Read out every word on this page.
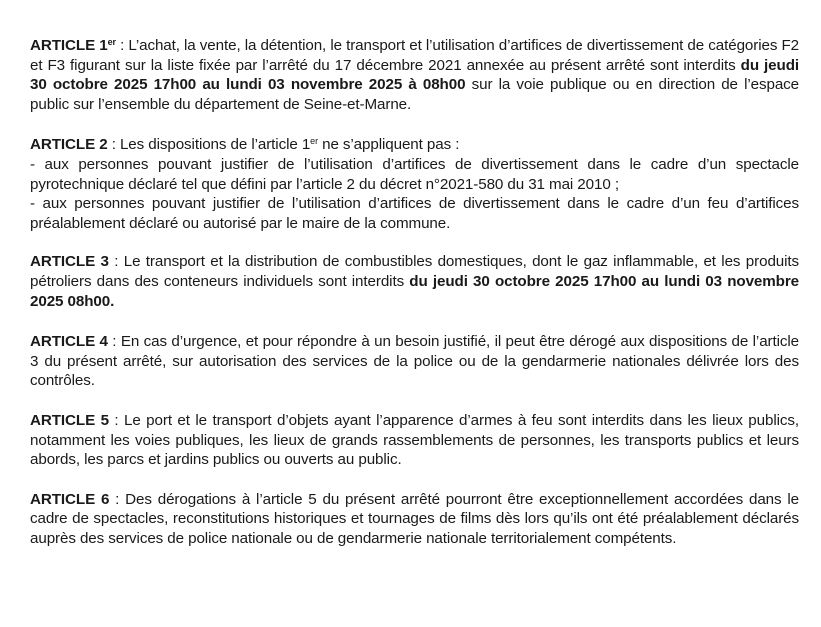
ARTICLE 1er : L’achat, la vente, la détention, le transport et l’utilisation d’artifices de divertissement de catégories F2 et F3 figurant sur la liste fixée par l’arrêté du 17 décembre 2021 annexée au présent arrêté sont interdits du jeudi 30 octobre 2025 17h00 au lundi 03 novembre 2025 à 08h00 sur la voie publique ou en direction de l’espace public sur l’ensemble du département de Seine-et-Marne.

ARTICLE 2 : Les dispositions de l’article 1er ne s’appliquent pas :

- aux personnes pouvant justifier de l’utilisation d’artifices de divertissement dans le cadre d’un spectacle pyrotechnique déclaré tel que défini par l’article 2 du décret n°2021-580 du 31 mai 2010 ;

- aux personnes pouvant justifier de l’utilisation d’artifices de divertissement dans le cadre d’un feu d’artifices préalablement déclaré ou autorisé par le maire de la commune.

ARTICLE 3 : Le transport et la distribution de combustibles domestiques, dont le gaz inflammable, et les produits pétroliers dans des conteneurs individuels sont interdits du jeudi 30 octobre 2025 17h00 au lundi 03 novembre 2025 08h00.

ARTICLE 4 : En cas d’urgence, et pour répondre à un besoin justifié, il peut être dérogé aux dispositions de l’article 3 du présent arrêté, sur autorisation des services de la police ou de la gendarmerie nationales délivrée lors des contrôles.

ARTICLE 5 : Le port et le transport d’objets ayant l’apparence d’armes à feu sont interdits dans les lieux publics, notamment les voies publiques, les lieux de grands rassemblements de personnes, les transports publics et leurs abords, les parcs et jardins publics ou ouverts au public.

ARTICLE 6 : Des dérogations à l’article 5 du présent arrêté pourront être exceptionnellement accordées dans le cadre de spectacles, reconstitutions historiques et tournages de films dès lors qu’ils ont été préalablement déclarés auprès des services de police nationale ou de gendarmerie nationale territorialement compétents.
